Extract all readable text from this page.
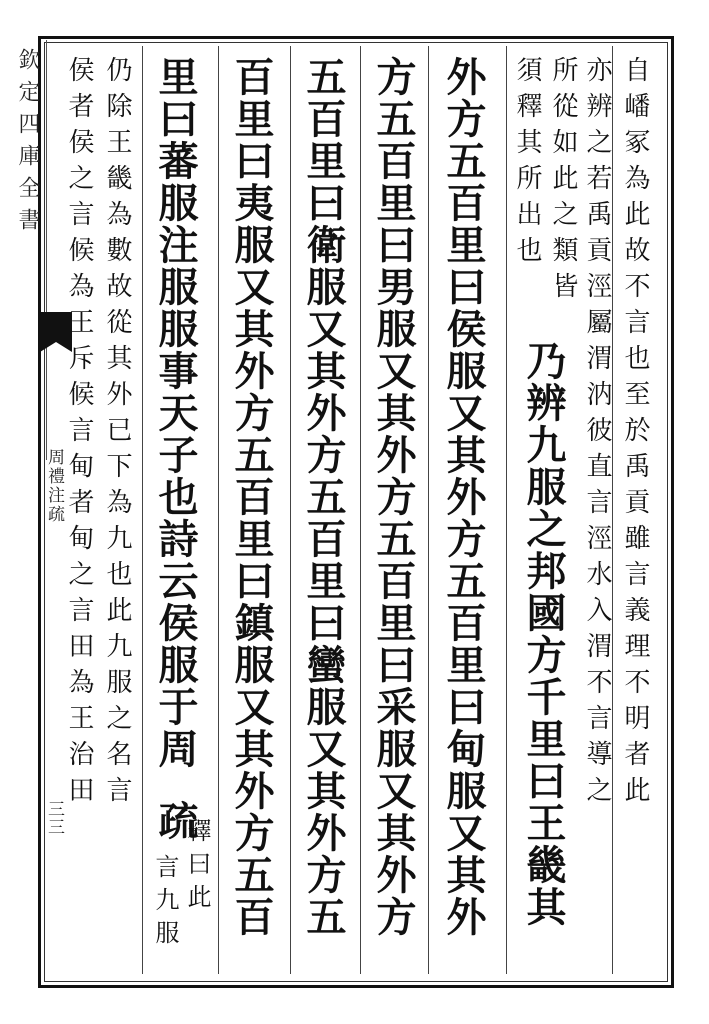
欽定四庫全書
周禮注疏
三三
自嶓冢為此故不言也至於禹貢雖言義理不明者此
亦辨之若禹貢涇屬渭汭彼直言涇水入渭不言導之
所從如此之類皆
須釋其所出也
乃辨九服之邦國方千里曰王畿其
外方五百里曰侯服又其外方五百里曰甸服又其外
方五百里曰男服又其外方五百里曰采服又其外方
五百里曰衛服又其外方五百里曰蠻服又其外方五
百里曰夷服又其外方五百里曰鎮服又其外方五百
里曰蕃服注服服事天子也詩云侯服于周
疏
釋曰此
言九服
仍除王畿為數故從其外已下為九也此九服之名言
侯者侯之言候為王斥候言甸者甸之言田為王治田
